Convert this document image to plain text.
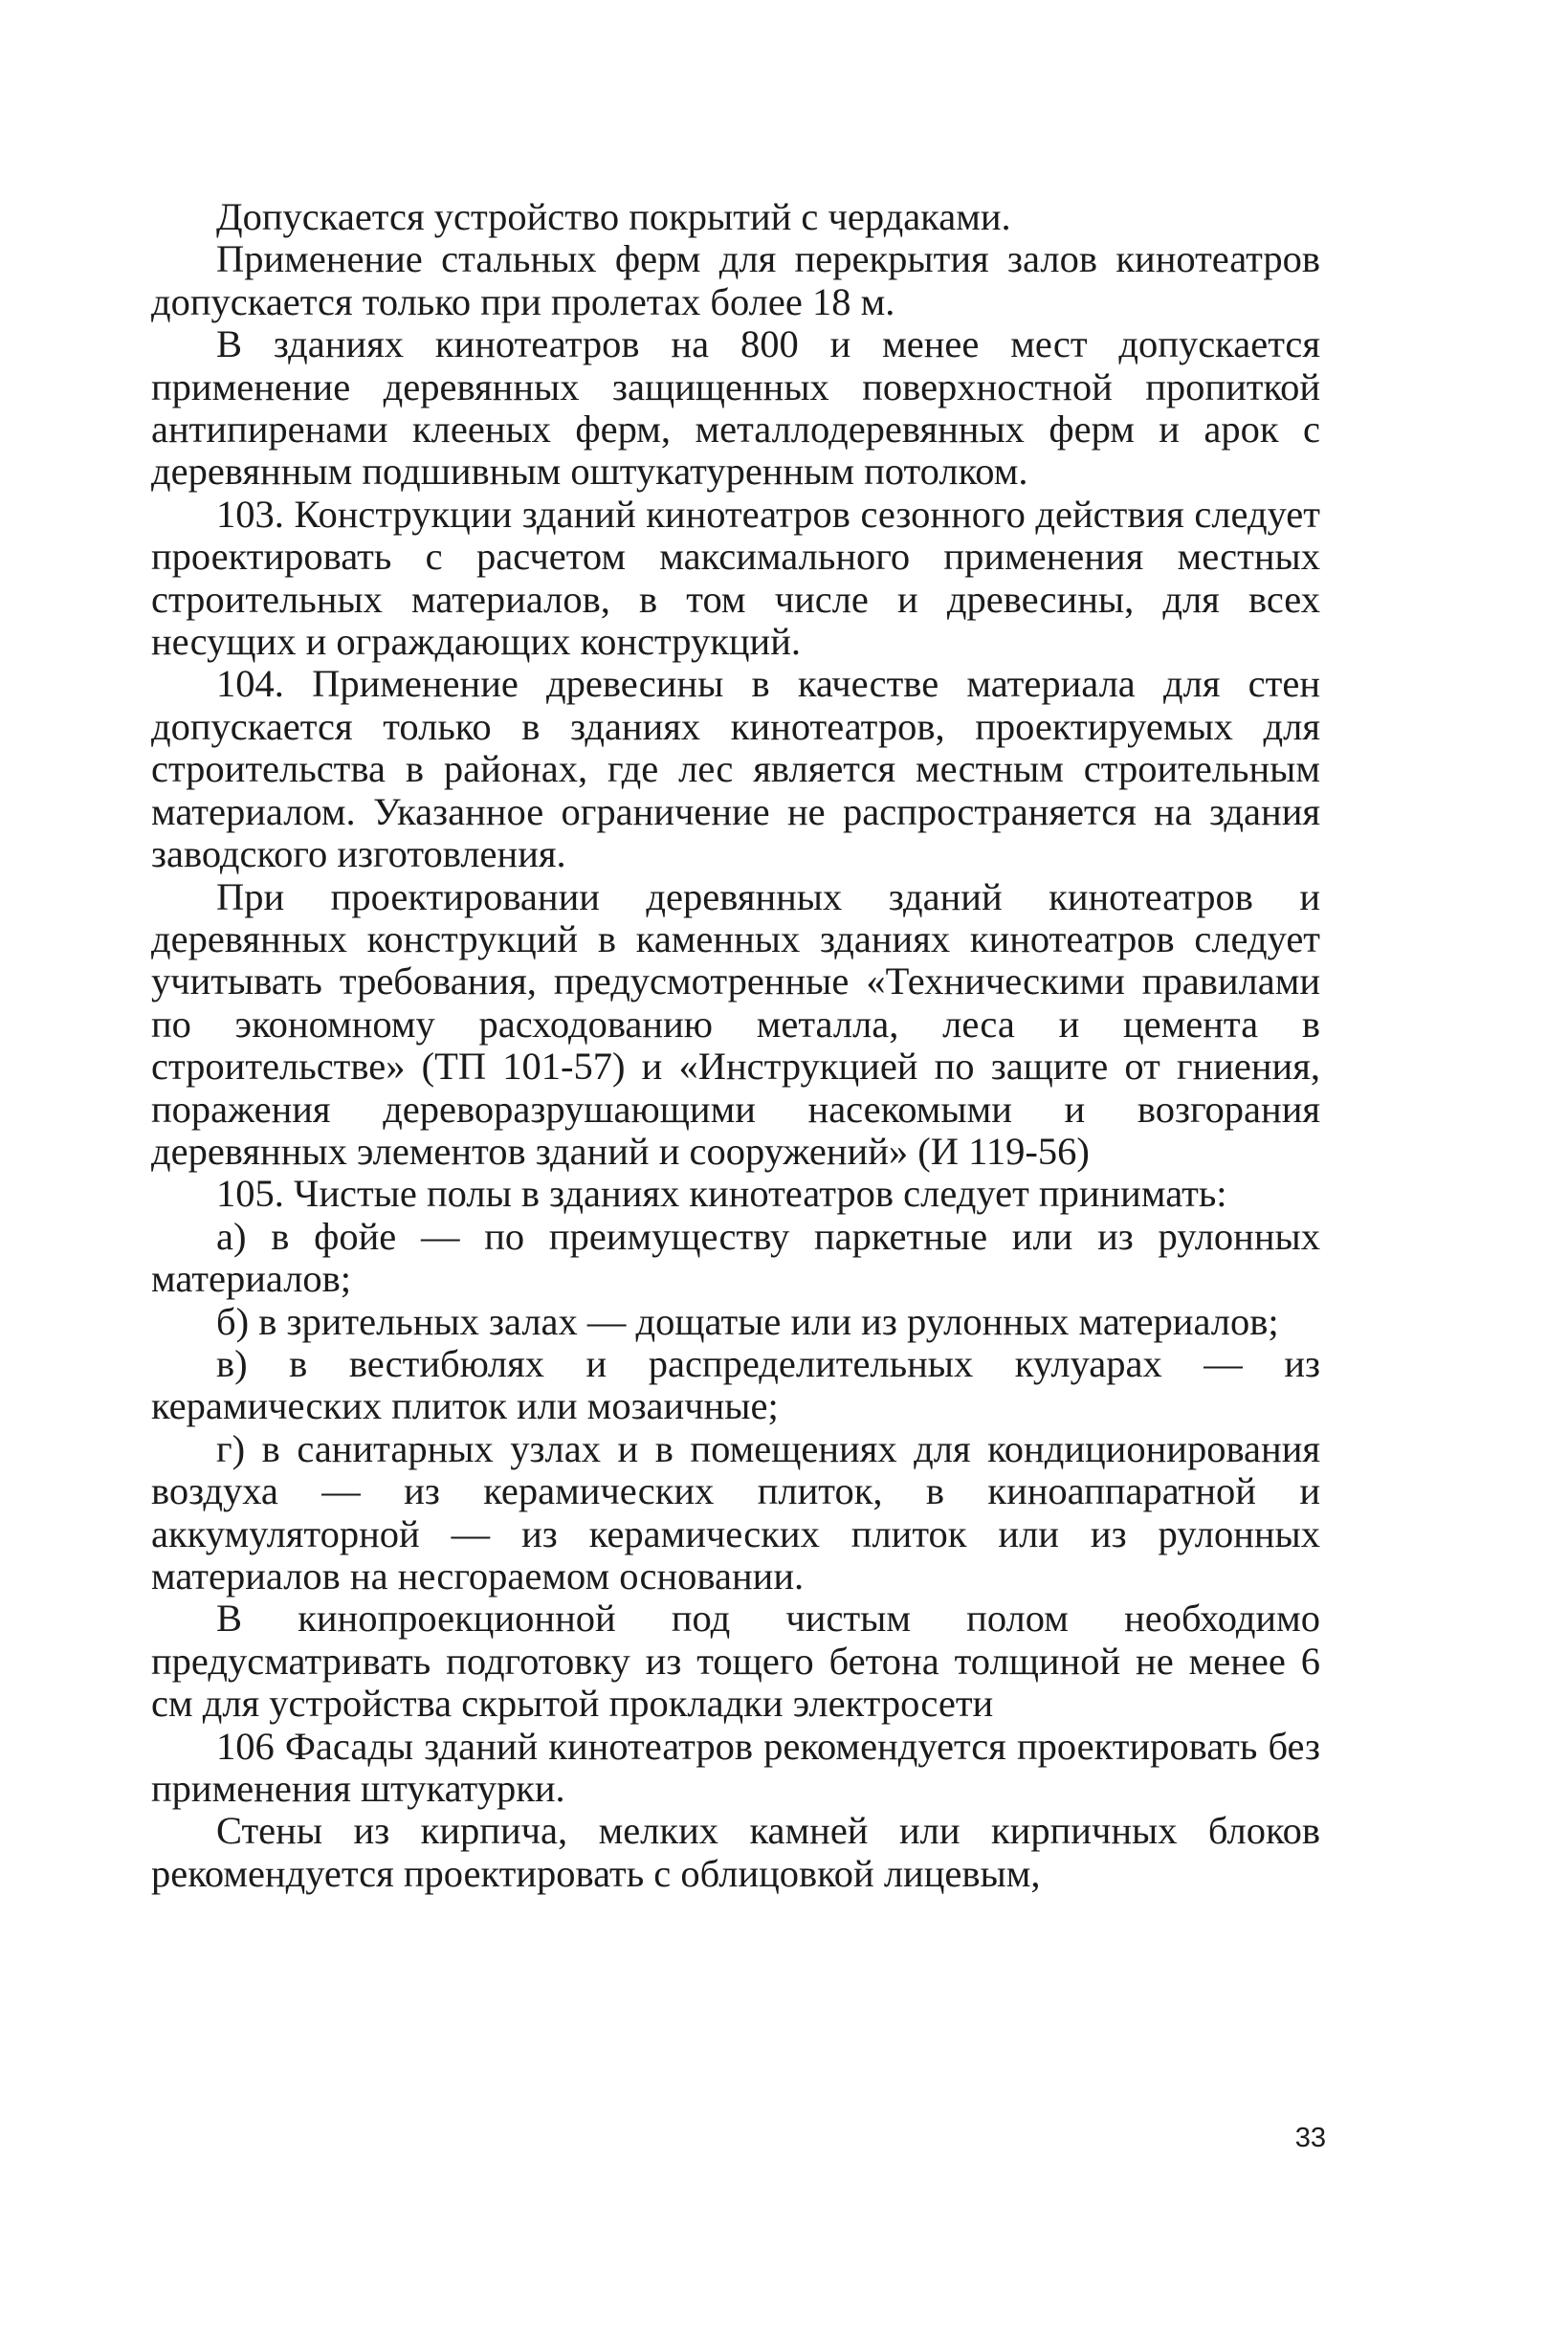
Допускается устройство покрытий с чердаками.

Применение стальных ферм для перекрытия залов кинотеатров допускается только при пролетах более 18 м.

В зданиях кинотеатров на 800 и менее мест допускается применение деревянных защищенных поверхностной пропиткой антипиренами клееных ферм, металлодеревянных ферм и арок с деревянным подшивным оштукатуренным потолком.

103. Конструкции зданий кинотеатров сезонного действия следует проектировать с расчетом максимального применения местных строительных материалов, в том числе и древесины, для всех несущих и ограждающих конструкций.

104. Применение древесины в качестве материала для стен допускается только в зданиях кинотеатров, проектируемых для строительства в районах, где лес является местным строительным материалом. Указанное ограничение не распространяется на здания заводского изготовления.

При проектировании деревянных зданий кинотеатров и деревянных конструкций в каменных зданиях кинотеатров следует учитывать требования, предусмотренные «Техническими правилами по экономному расходованию металла, леса и цемента в строительстве» (ТП 101-57) и «Инструкцией по защите от гниения, поражения дереворазрушающими насекомыми и возгорания деревянных элементов зданий и сооружений» (И 119-56)

105. Чистые полы в зданиях кинотеатров следует принимать:

а) в фойе — по преимуществу паркетные или из рулонных материалов;

б) в зрительных залах — дощатые или из рулонных материалов;

в) в вестибюлях и распределительных кулуарах — из керамических плиток или мозаичные;

г) в санитарных узлах и в помещениях для кондиционирования воздуха — из керамических плиток, в киноаппаратной и аккумуляторной — из керамических плиток или из рулонных материалов на несгораемом основании.

В кинопроекционной под чистым полом необходимо предусматривать подготовку из тощего бетона толщиной не менее 6 см для устройства скрытой прокладки электросети

106 Фасады зданий кинотеатров рекомендуется проектировать без применения штукатурки.

Стены из кирпича, мелких камней или кирпичных блоков рекомендуется проектировать с облицовкой лицевым,

33
